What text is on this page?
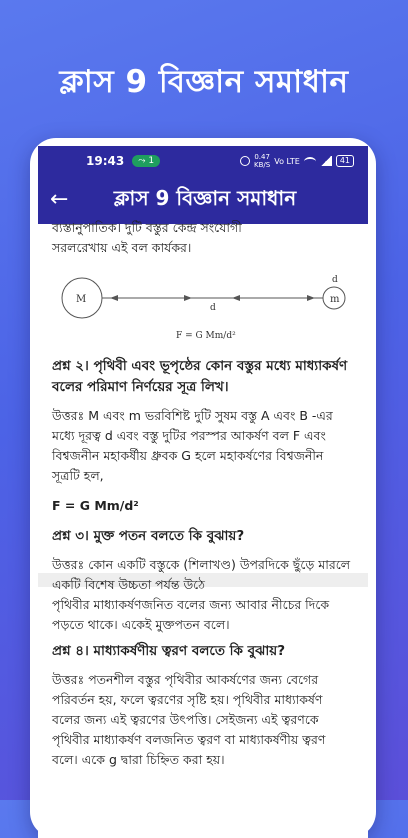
ক্লাস 9 বিজ্ঞান সমাধান
19:43 ⤳ 1	0.47
KB/S Vo LTE	41
←	ক্লাস 9 বিজ্ঞান সমাধান
ব্যস্তানুপাতিক। দুটি বস্তুর কেন্দ্র সংযোগী
সরলরেখায় এই বল কার্যকর।
M	m
d
d
F = G Mm/d²
প্রশ্ন ২। পৃথিবী এবং ভূপৃষ্ঠের কোন বস্তুর মধ্যে মাধ্যাকর্ষণ বলের পরিমাণ নির্ণয়ের সূত্র লিখ।
উত্তরঃ M এবং m ভরবিশিষ্ট দুটি সুষম বস্তু A এবং B -এর মধ্যে দূরত্ব d এবং বস্তু দুটির পরস্পর আকর্ষণ বল F এবং বিশ্বজনীন মহাকর্ষীয় ধ্রুবক G হলে মহাকর্ষণের বিশ্বজনীন সূত্রটি হল,
F = G Mm/d²
প্রশ্ন ৩। মুক্ত পতন বলতে কি বুঝায়?
উত্তরঃ কোন একটি বস্তুকে (শিলাখণ্ড) উপরদিকে ছুঁড়ে মারলে একটি বিশেষ উচ্চতা পর্যন্ত উঠে
পৃথিবীর মাধ্যাকর্ষণজনিত বলের জন্য আবার নীচের দিকে পড়তে থাকে। একেই মুক্তপতন বলে।
প্রশ্ন ৪। মাধ্যাকর্ষণীয় ত্বরণ বলতে কি বুঝায়?
উত্তরঃ পতনশীল বস্তুর পৃথিবীর আকর্ষণের জন্য বেগের পরিবর্তন হয়, ফলে ত্বরণের সৃষ্টি হয়। পৃথিবীর মাধ্যাকর্ষণ বলের জন্য এই ত্বরণের উৎপত্তি। সেইজন্য এই ত্বরণকে পৃথিবীর মাধ্যাকর্ষণ বলজনিত ত্বরণ বা মাধ্যাকর্ষণীয় ত্বরণ বলে। একে g দ্বারা চিহ্নিত করা হয়।
